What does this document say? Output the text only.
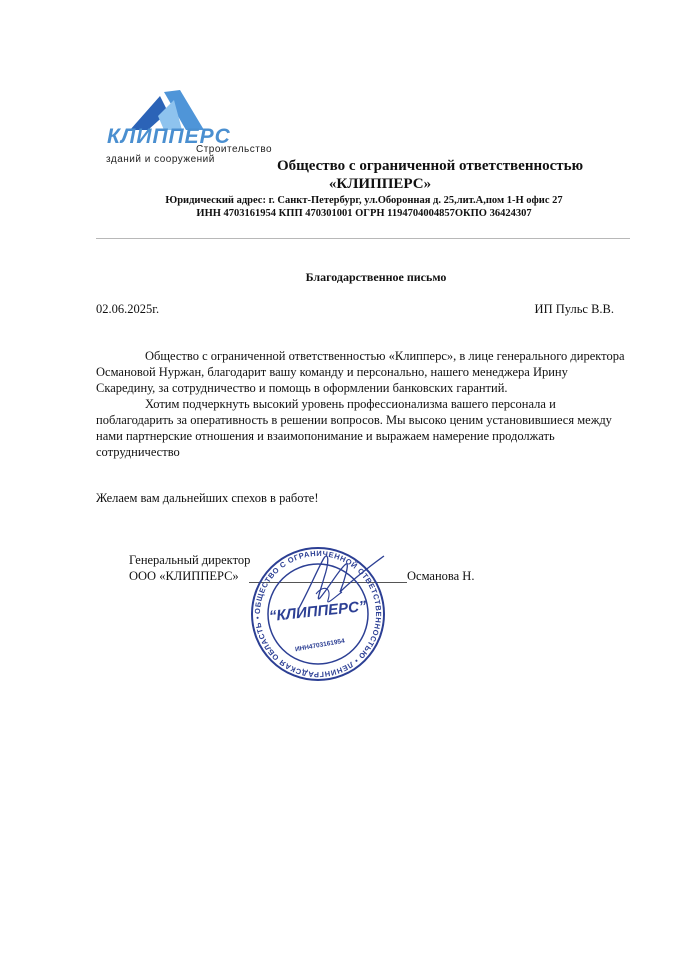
КЛИППЕРС
Строительство
зданий и сооружений	Общество с ограниченной ответственностью
«КЛИППЕРС»
Юридический адрес: г. Санкт-Петербург, ул.Оборонная д. 25,лит.А,пом 1-Н офис 27
ИНН 4703161954 КПП 470301001 ОГРН 1194704004857ОКПО 36424307
Благодарственное письмо
02.06.2025г.	ИП Пульс В.В.

Общество с ограниченной ответственностью «Клипперс», в лице генерального директора Османовой Нуржан, благодарит вашу команду и персонально, нашего менеджера Ирину Скаредину, за сотрудничество и помощь в оформлении банковских гарантий.

Хотим подчеркнуть высокий уровень профессионализма вашего персонала и поблагодарить за оперативность в решении вопросов. Мы высоко ценим установившиеся между нами партнерские отношения и взаимопонимание и выражаем намерение продолжать сотрудничество

Желаем вам дальнейших спехов в работе!
Генеральный директор
ООО «КЛИППЕРС»	Османова Н.
ОБЩЕСТВО С ОГРАНИЧЕННОЙ ОТВЕТСТВЕННОСТЬЮ • ЛЕНИНГРАДСКАЯ ОБЛАСТЬ • “КЛИППЕРС”
ИНН4703161954
